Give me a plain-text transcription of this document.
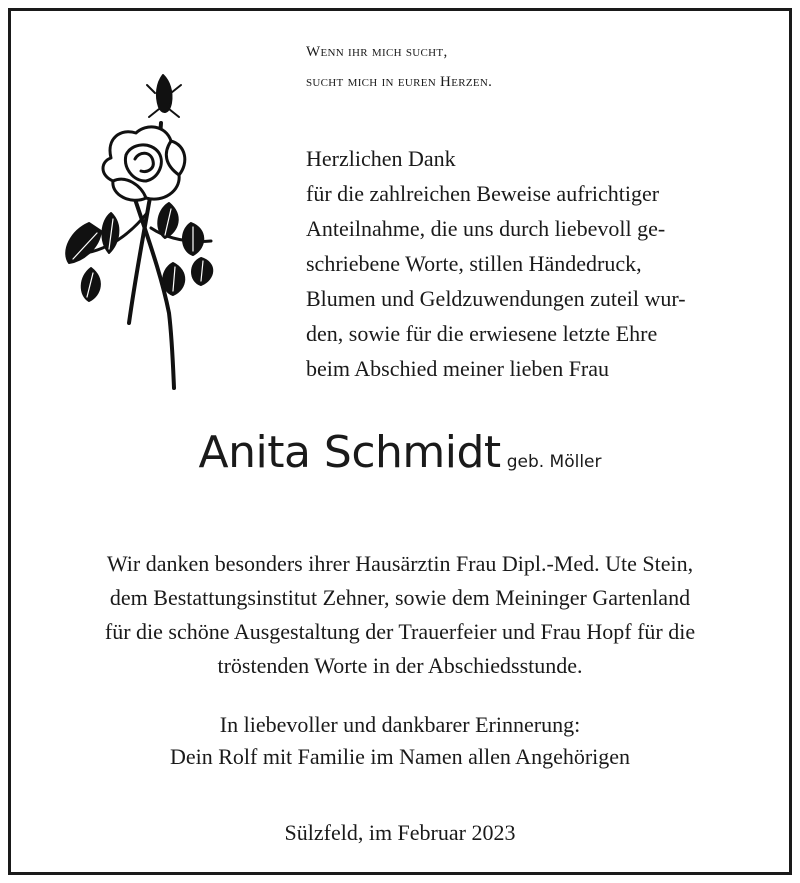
Wenn ihr mich sucht,
sucht mich in euren Herzen.
Herzlichen Dank
für die zahlreichen Beweise aufrichtiger
Anteilnahme, die uns durch liebevoll ge-
schriebene Worte, stillen Händedruck,
Blumen und Geldzuwendungen zuteil wur-
den, sowie für die erwiesene letzte Ehre
beim Abschied meiner lieben Frau
Anita Schmidt geb. Möller
Wir danken besonders ihrer Hausärztin Frau Dipl.-Med. Ute Stein,
dem Bestattungsinstitut Zehner, sowie dem Meininger Gartenland
für die schöne Ausgestaltung der Trauerfeier und Frau Hopf für die
tröstenden Worte in der Abschiedsstunde.
In liebevoller und dankbarer Erinnerung:
Dein Rolf mit Familie im Namen allen Angehörigen
Sülzfeld, im Februar 2023
